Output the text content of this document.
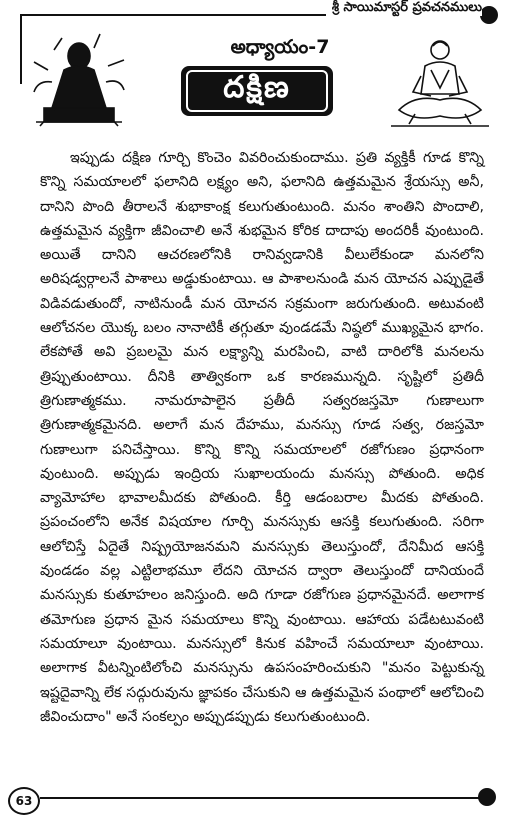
శ్రీ సాయిమాస్టర్ ప్రవచనములు
అధ్యాయం-7
దక్షిణ

ఇప్పుడు దక్షిణ గూర్చి కొంచెం వివరించుకుందాము. ప్రతి వ్యక్తికీ గూడ కొన్ని కొన్ని సమయాలలో ఫలానిది లక్ష్యం అని, ఫలానిది ఉత్తమమైన శ్రేయస్సు అనీ, దానిని పొంది తీరాలనే శుభాకాంక్ష కలుగుతుంటుంది. మనం శాంతిని పొందాలి, ఉత్తమమైన వ్యక్తిగా జీవించాలి అనే శుభమైన కోరిక దాదాపు అందరికీ వుంటుంది. అయితే దానిని ఆచరణలోనికి రానివ్వడానికి వీలులేకుండా మనలోని అరిషడ్వర్గాలనే పాశాలు అడ్డుకుంటాయి. ఆ పాశాలనుండి మన యోచన ఎప్పుడైతే విడివడుతుందో, నాటినుండీ మన యోచన సక్రమంగా జరుగుతుంది. అటువంటి ఆలోచనల యొక్క బలం నానాటికీ తగ్గుతూ వుండడమే నిష్ఠలో ముఖ్యమైన భాగం. లేకపోతే అవి ప్రబలమై మన లక్ష్యాన్ని మరపించి, వాటి దారిలోకి మనలను త్రిప్పుతుంటాయి. దీనికి తాత్వికంగా ఒక కారణమున్నది. సృష్టిలో ప్రతిదీ త్రిగుణాత్మకము. నామరూపాలైన ప్రతీదీ సత్వరజస్తమో గుణాలుగా త్రిగుణాత్మకమైనది. అలాగే మన దేహము, మనస్సు గూడ సత్వ, రజస్తమో గుణాలుగా పనిచేస్తాయి. కొన్ని కొన్ని సమయాలలో రజోగుణం ప్రధానంగా వుంటుంది. అప్పుడు ఇంద్రియ సుఖాలయందు మనస్సు పోతుంది. అధిక వ్యామోహాల భావాలమీదకు పోతుంది. కీర్తి ఆడంబరాల మీదకు పోతుంది. ప్రపంచంలోని అనేక విషయాల గూర్చి మనస్సుకు ఆసక్తి కలుగుతుంది. సరిగా ఆలోచిస్తే ఏదైతే నిష్ప్రయోజనమని మనస్సుకు తెలుస్తుందో, దేనిమీద ఆసక్తి వుండడం వల్ల ఎట్టిలాభమూ లేదని యోచన ద్వారా తెలుస్తుందో దానియందే మనస్సుకు కుతూహలం జనిస్తుంది. అది గూడా రజోగుణ ప్రధానమైనదే. అలాగాక తమోగుణ ప్రధాన మైన సమయాలు కొన్ని వుంటాయి. ఆహాయ పడేటటువంటి సమయాలూ వుంటాయి. మనస్సులో కినుక వహించే సమయాలూ వుంటాయి. అలాగాక వీటన్నింటిలోంచి మనస్సును ఉపసంహరించుకుని "మనం పెట్టుకున్న ఇష్టదైవాన్ని లేక సద్గురువును జ్ఞాపకం చేసుకుని ఆ ఉత్తమమైన పంథాలో ఆలోచించి జీవించుదాం" అనే సంకల్పం అప్పుడప్పుడు కలుగుతుంటుంది.

63
